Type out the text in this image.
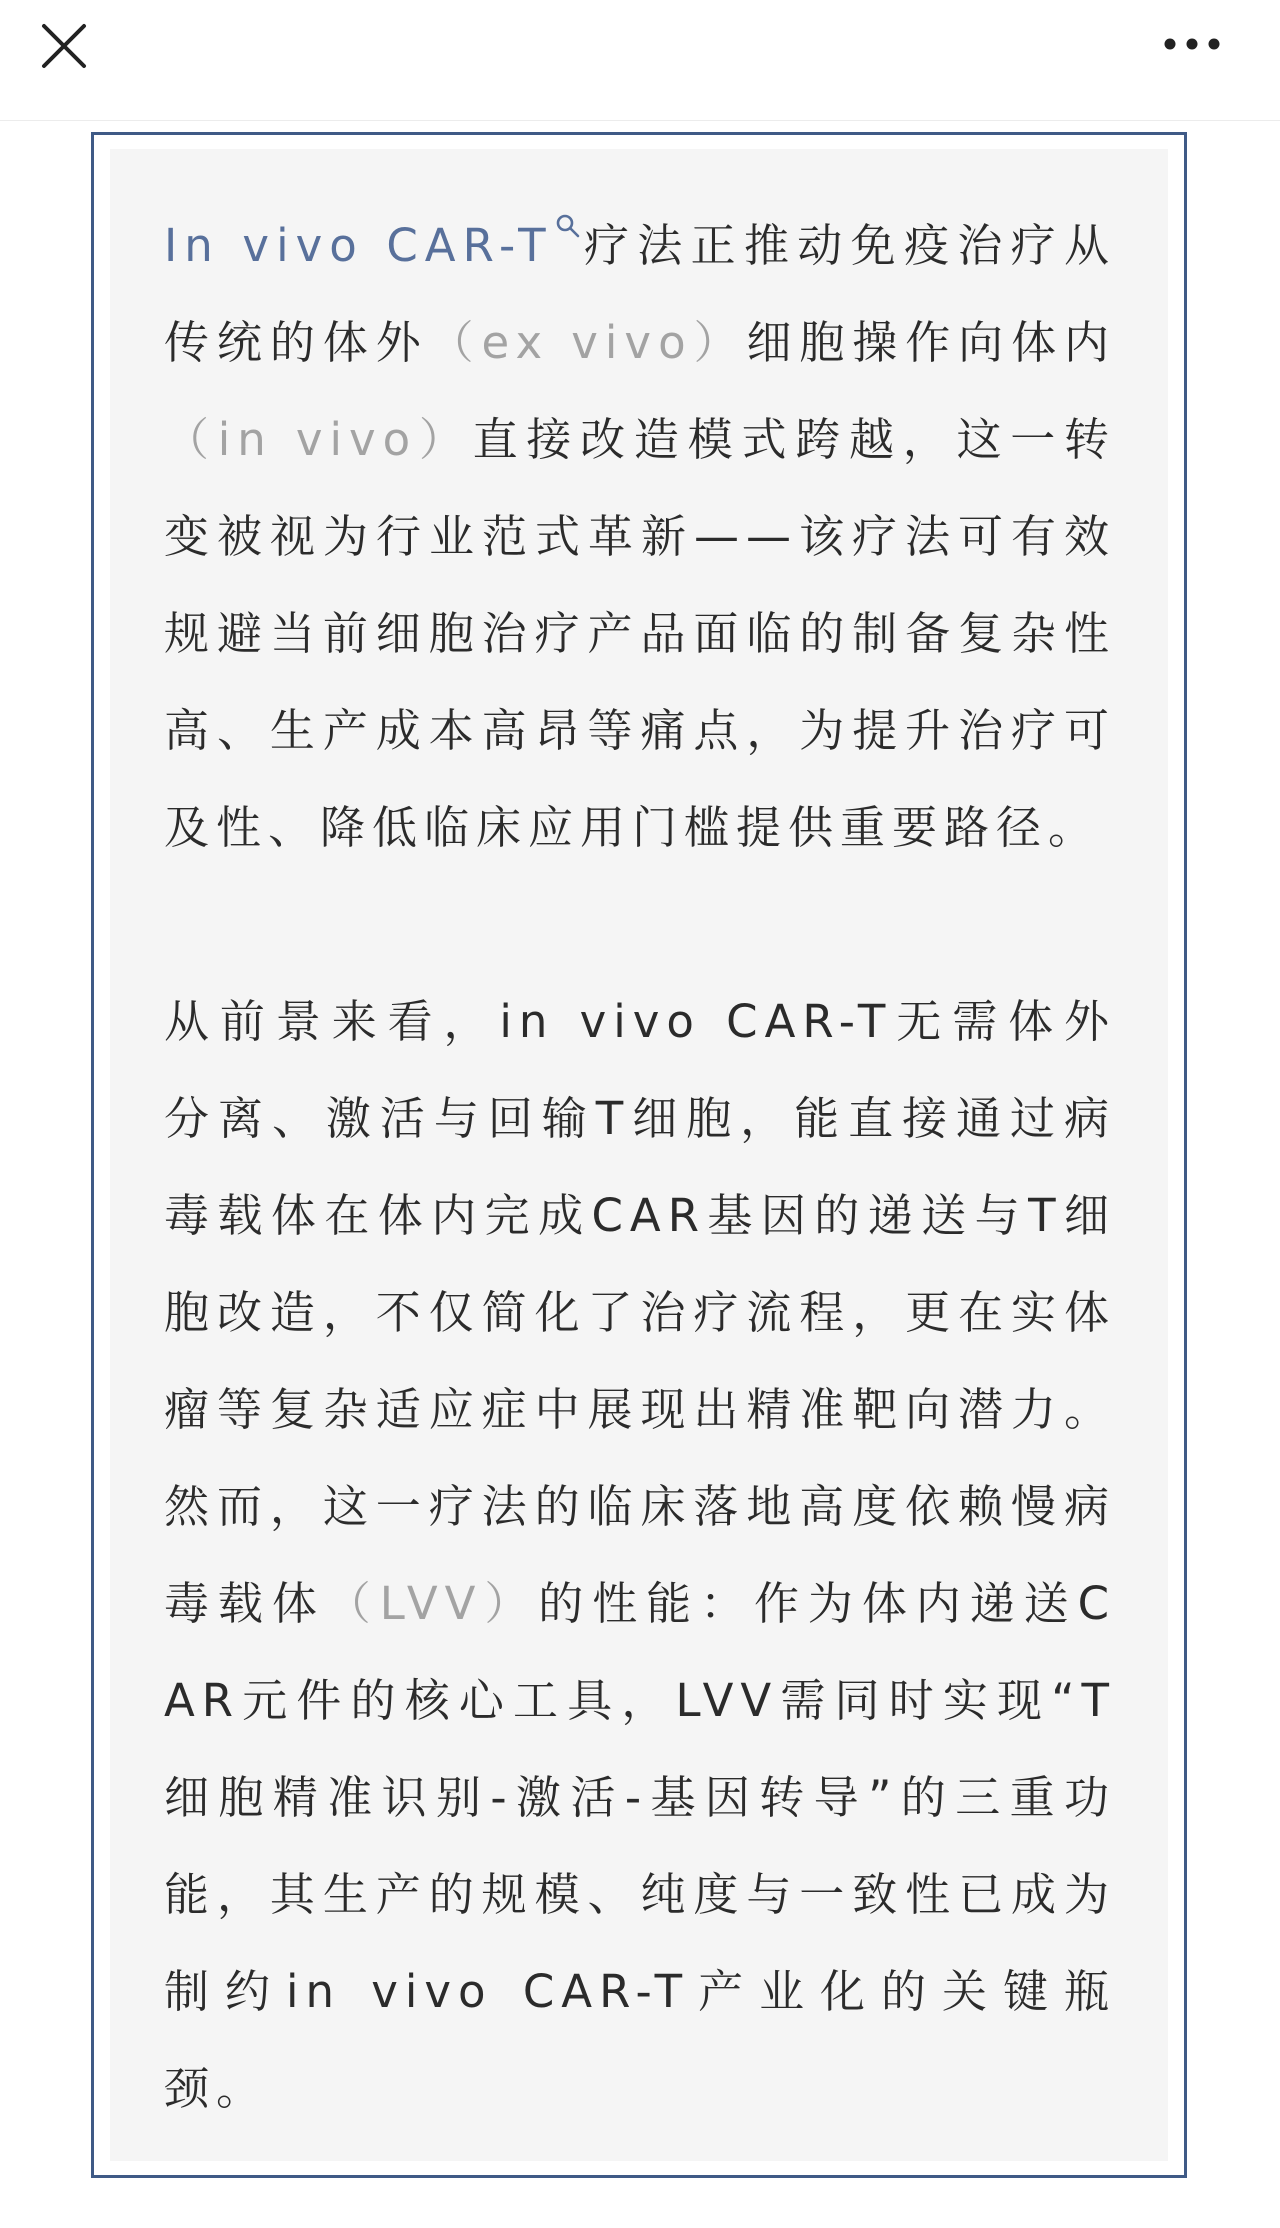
In vivo CAR-T 疗法正推动免疫治疗从传统的体外（ex vivo）细胞操作向体内（in vivo）直接改造模式跨越，这一转变被视为行业范式革新——该疗法可有效规避当前细胞治疗产品面临的制备复杂性高、生产成本高昂等痛点，为提升治疗可及性、降低临床应用门槛提供重要路径。

从前景来看，in vivo CAR-T无需体外分离、激活与回输T细胞，能直接通过病毒载体在体内完成CAR基因的递送与T细胞改造，不仅简化了治疗流程，更在实体瘤等复杂适应症中展现出精准靶向潜力。然而，这一疗法的临床落地高度依赖慢病毒载体（LVV）的性能：作为体内递送CAR元件的核心工具，LVV需同时实现“T细胞精准识别-激活-基因转导”的三重功能，其生产的规模、纯度与一致性已成为制约in vivo CAR-T产业化的关键瓶颈。
